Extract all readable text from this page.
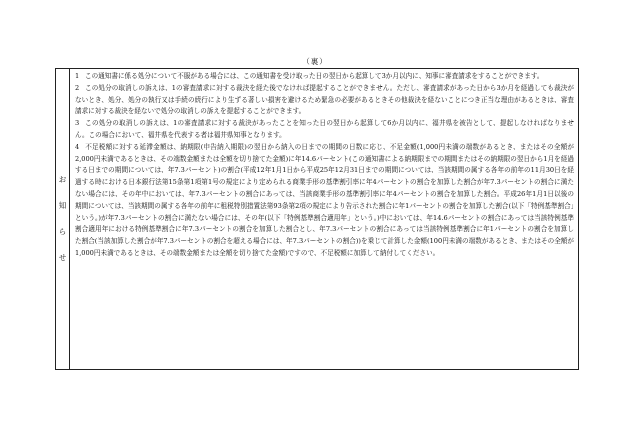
（裏）
お
知
ら
せ

1 この通知書に係る処分について不服がある場合には、この通知書を受け取った日の翌日から起算して3か月以内に、知事に審査請求をすることができます。

2 この処分の取消しの訴えは、1の審査請求に対する裁決を経た後でなければ提起することができません。ただし、審査請求があった日から3か月を経過しても裁決がないとき、処分、処分の執行又は手続の続行により生ずる著しい損害を避けるため緊急の必要があるときその他裁決を経ないことにつき正当な理由があるときは、審査請求に対する裁決を経ないで処分の取消しの訴えを提起することができます。

3 この処分の取消しの訴えは、1の審査請求に対する裁決があったことを知った日の翌日から起算して6か月以内に、福井県を被告として、提起しなければなりません。この場合において、福井県を代表する者は福井県知事となります。

4 不足税額に対する延滞金額は、納期限(申告納入期限)の翌日から納入の日までの期間の日数に応じ、不足金額(1,000円未満の端数があるとき、またはその全額が2,000円未満であるときは、その端数金額または全額を切り捨てた金額)に年14.6パーセント(この通知書による納期限までの期間またはその納期限の翌日から1月を経過する日までの期間については、年7.3パーセント)の割合(平成12年1月1日から平成25年12月31日までの期間については、当該期間の属する各年の前年の11月30日を経過する時における日本銀行法第15条第1項第1号の規定により定められる商業手形の基準割引率に年4パーセントの割合を加算した割合が年7.3パーセントの割合に満たない場合には、その年中においては、年7.3パーセントの割合にあっては、当該商業手形の基準割引率に年4パーセントの割合を加算した割合。平成26年1月1日以後の期間については、当該期間の属する各年の前年に租税特別措置法第93条第2項の規定により告示された割合に年1パーセントの割合を加算した割合(以下「特例基準割合」という。)が年7.3パーセントの割合に満たない場合には、その年(以下「特例基準割合適用年」という。)中においては、年14.6パーセントの割合にあっては当該特例基準割合適用年における特例基準割合に年7.3パーセントの割合を加算した割合とし、年7.3パーセントの割合にあっては当該特例基準割合に年1パーセントの割合を加算した割合(当該加算した割合が年7.3パーセントの割合を超える場合には、年7.3パーセントの割合))を乗じて計算した金額(100円未満の端数があるとき、またはその全額が1,000円未満であるときは、その端数金額または全額を切り捨てた金額)ですので、不足税額に加算して納付してください。
